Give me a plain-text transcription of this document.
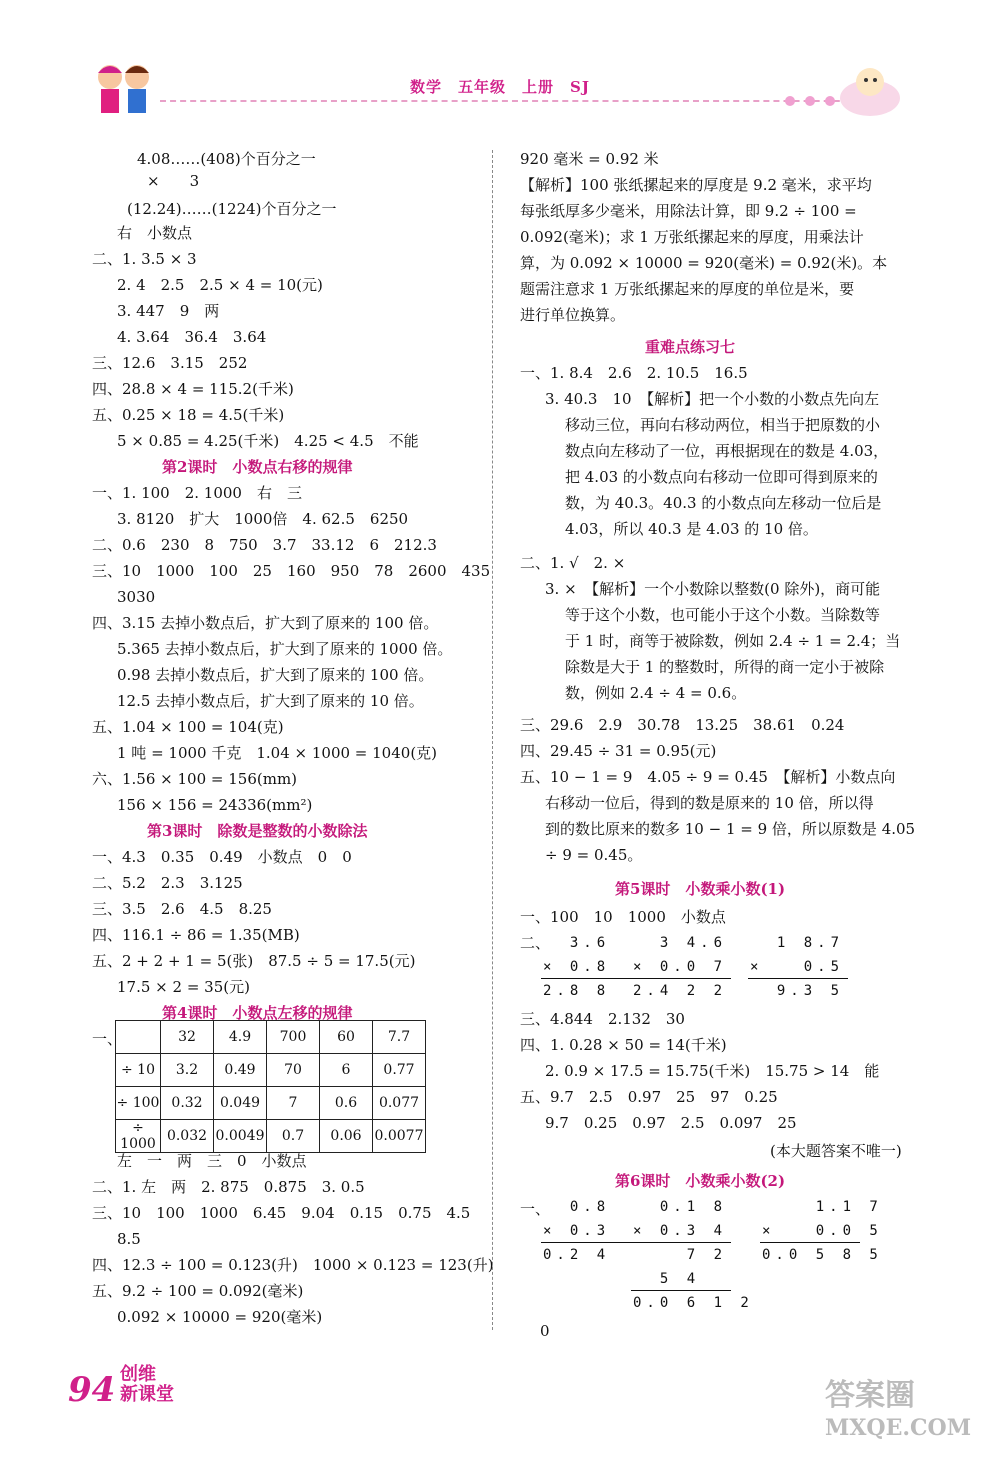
数学　五年级　上册　SJ
4.08……(408)个百分之一
×　　3
(12.24)……(1224)个百分之一
右　小数点
二、1. 3.5 × 3
2. 4　2.5　2.5 × 4 = 10(元)
3. 447　9　两
4. 3.64　36.4　3.64
三、12.6　3.15　252
四、28.8 × 4 = 115.2(千米)
五、0.25 × 18 = 4.5(千米)
5 × 0.85 = 4.25(千米)　4.25 < 4.5　不能
第2课时　小数点右移的规律
一、1. 100　2. 1000　右　三
3. 8120　扩大　1000倍　4. 62.5　6250
二、0.6　230　8　750　3.7　33.12　6　212.3
三、10　1000　100　25　160　950　78　2600　435
3030
四、3.15 去掉小数点后，扩大到了原来的 100 倍。
5.365 去掉小数点后，扩大到了原来的 1000 倍。
0.98 去掉小数点后，扩大到了原来的 100 倍。
12.5 去掉小数点后，扩大到了原来的 10 倍。
五、1.04 × 100 = 104(克)
1 吨 = 1000 千克　1.04 × 1000 = 1040(克)
六、1.56 × 100 = 156(mm)
156 × 156 = 24336(mm²)
第3课时　除数是整数的小数除法
一、4.3　0.35　0.49　小数点　0　0
二、5.2　2.3　3.125
三、3.5　2.6　4.5　8.25
四、116.1 ÷ 86 = 1.35(MB)
五、2 + 2 + 1 = 5(张)　87.5 ÷ 5 = 17.5(元)
17.5 × 2 = 35(元)
第4课时　小数点左移的规律
一、
左　一　两　三　0　小数点
二、1. 左　两　2. 875　0.875　3. 0.5
三、10　100　1000　6.45　9.04　0.15　0.75　4.5
8.5
四、12.3 ÷ 100 = 0.123(升)　1000 × 0.123 = 123(升)
五、9.2 ÷ 100 = 0.092(毫米)
0.092 × 10000 = 920(毫米)
920 毫米 = 0.92 米
【解析】100 张纸摞起来的厚度是 9.2 毫米，求平均
每张纸厚多少毫米，用除法计算，即 9.2 ÷ 100 =
0.092(毫米)；求 1 万张纸摞起来的厚度，用乘法计
算，为 0.092 × 10000 = 920(毫米) = 0.92(米)。本
题需注意求 1 万张纸摞起来的厚度的单位是米，要
进行单位换算。
重难点练习七
一、1. 8.4　2.6　2. 10.5　16.5
3. 40.3　10　【解析】把一个小数的小数点先向左
移动三位，再向右移动两位，相当于把原数的小
数点向左移动了一位，再根据现在的数是 4.03，
把 4.03 的小数点向右移动一位即可得到原来的
数，为 40.3。40.3 的小数点向左移动一位后是
4.03，所以 40.3 是 4.03 的 10 倍。
二、1. √　2. ×
3. ×　【解析】一个小数除以整数(0 除外)，商可能
等于这个小数，也可能小于这个小数。当除数等
于 1 时，商等于被除数，例如 2.4 ÷ 1 = 2.4；当
除数是大于 1 的整数时，所得的商一定小于被除
数，例如 2.4 ÷ 4 = 0.6。
三、29.6　2.9　30.78　13.25　38.61　0.24
四、29.45 ÷ 31 = 0.95(元)
五、10 − 1 = 9　4.05 ÷ 9 = 0.45　【解析】小数点向
右移动一位后，得到的数是原来的 10 倍，所以得
到的数比原来的数多 10 − 1 = 9 倍，所以原数是 4.05
÷ 9 = 0.45。
第5课时　小数乘小数(1)
一、100　10　1000　小数点
二、
三、4.844　2.132　30
四、1. 0.28 × 50 = 14(千米)
2. 0.9 × 17.5 = 15.75(千米)　15.75 > 14　能
五、9.7　2.5　0.97　25　97　0.25
9.7　0.25　0.97　2.5　0.097　25
(本大题答案不唯一)
第6课时　小数乘小数(2)
一、
0
	32	4.9	700	60	7.7
÷ 10	3.2	0.49	70	6	0.77
÷ 100	0.32	0.049	7	0.6	0.077
÷ 1000	0.032	0.0049	0.7	0.06	0.0077
3.6
× 0.8
2.8 8
3 4.6
× 0.0 7
2.4 2 2
1 8.7
×   0.5
9.3 5
0.8
× 0.3
0.2 4
0.1 8
× 0.3 4
7 2
5 4
0.0 6 1 2
1.1 7
×   0.0 5
0.0 5 8 5
94 创维
新课堂	答案圈
MXQE.COM
